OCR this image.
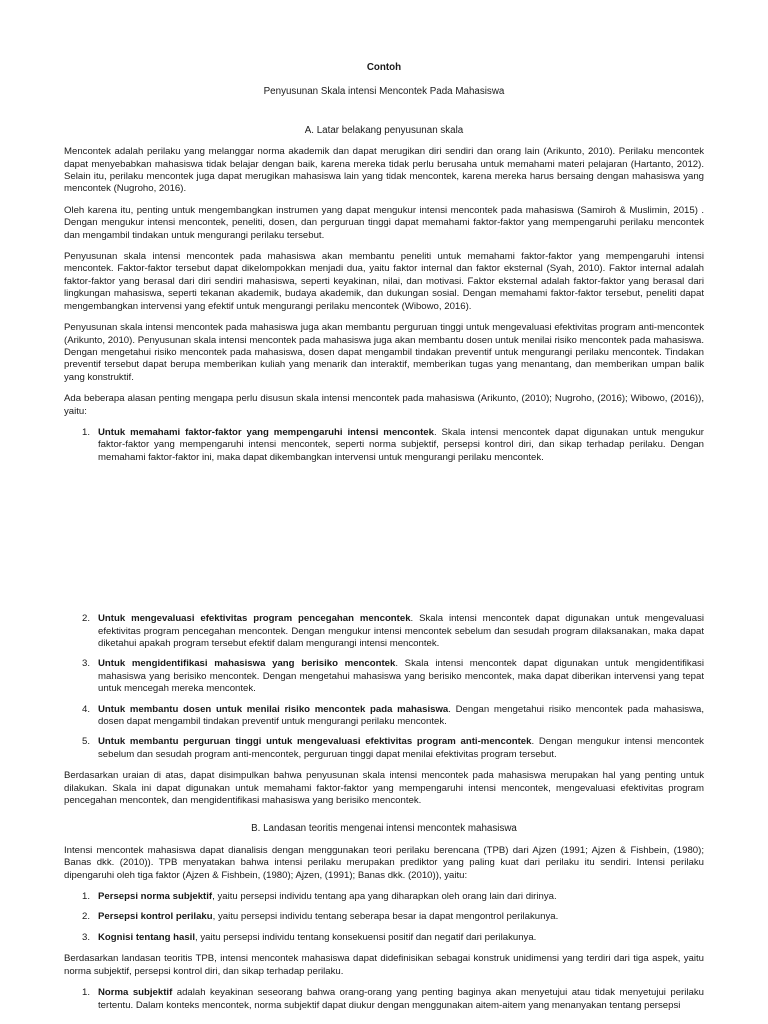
Contoh
Penyusunan Skala intensi Mencontek Pada Mahasiswa
A. Latar belakang penyusunan skala

Mencontek adalah perilaku yang melanggar norma akademik dan dapat merugikan diri sendiri dan orang lain (Arikunto, 2010). Perilaku mencontek dapat menyebabkan mahasiswa tidak belajar dengan baik, karena mereka tidak perlu berusaha untuk memahami materi pelajaran (Hartanto, 2012). Selain itu, perilaku mencontek juga dapat merugikan mahasiswa lain yang tidak mencontek, karena mereka harus bersaing dengan mahasiswa yang mencontek (Nugroho, 2016).

Oleh karena itu, penting untuk mengembangkan instrumen yang dapat mengukur intensi mencontek pada mahasiswa (Samiroh & Muslimin, 2015) . Dengan mengukur intensi mencontek, peneliti, dosen, dan perguruan tinggi dapat memahami faktor-faktor yang mempengaruhi perilaku mencontek dan mengambil tindakan untuk mengurangi perilaku tersebut.

Penyusunan skala intensi mencontek pada mahasiswa akan membantu peneliti untuk memahami faktor-faktor yang mempengaruhi intensi mencontek. Faktor-faktor tersebut dapat dikelompokkan menjadi dua, yaitu faktor internal dan faktor eksternal (Syah, 2010). Faktor internal adalah faktor-faktor yang berasal dari diri sendiri mahasiswa, seperti keyakinan, nilai, dan motivasi. Faktor eksternal adalah faktor-faktor yang berasal dari lingkungan mahasiswa, seperti tekanan akademik, budaya akademik, dan dukungan sosial. Dengan memahami faktor-faktor tersebut, peneliti dapat mengembangkan intervensi yang efektif untuk mengurangi perilaku mencontek (Wibowo, 2016).

Penyusunan skala intensi mencontek pada mahasiswa juga akan membantu perguruan tinggi untuk mengevaluasi efektivitas program anti-mencontek (Arikunto, 2010). Penyusunan skala intensi mencontek pada mahasiswa juga akan membantu dosen untuk menilai risiko mencontek pada mahasiswa. Dengan mengetahui risiko mencontek pada mahasiswa, dosen dapat mengambil tindakan preventif untuk mengurangi perilaku mencontek. Tindakan preventif tersebut dapat berupa memberikan kuliah yang menarik dan interaktif, memberikan tugas yang menantang, dan memberikan umpan balik yang konstruktif.

Ada beberapa alasan penting mengapa perlu disusun skala intensi mencontek pada mahasiswa (Arikunto, (2010); Nugroho, (2016); Wibowo, (2016)), yaitu:

1. Untuk memahami faktor-faktor yang mempengaruhi intensi mencontek. Skala intensi mencontek dapat digunakan untuk mengukur faktor-faktor yang mempengaruhi intensi mencontek, seperti norma subjektif, persepsi kontrol diri, dan sikap terhadap perilaku. Dengan memahami faktor-faktor ini, maka dapat dikembangkan intervensi untuk mengurangi perilaku mencontek.
2. Untuk mengevaluasi efektivitas program pencegahan mencontek. Skala intensi mencontek dapat digunakan untuk mengevaluasi efektivitas program pencegahan mencontek. Dengan mengukur intensi mencontek sebelum dan sesudah program dilaksanakan, maka dapat diketahui apakah program tersebut efektif dalam mengurangi intensi mencontek.
3. Untuk mengidentifikasi mahasiswa yang berisiko mencontek. Skala intensi mencontek dapat digunakan untuk mengidentifikasi mahasiswa yang berisiko mencontek. Dengan mengetahui mahasiswa yang berisiko mencontek, maka dapat diberikan intervensi yang tepat untuk mencegah mereka mencontek.
4. Untuk membantu dosen untuk menilai risiko mencontek pada mahasiswa. Dengan mengetahui risiko mencontek pada mahasiswa, dosen dapat mengambil tindakan preventif untuk mengurangi perilaku mencontek.
5. Untuk membantu perguruan tinggi untuk mengevaluasi efektivitas program anti-mencontek. Dengan mengukur intensi mencontek sebelum dan sesudah program anti-mencontek, perguruan tinggi dapat menilai efektivitas program tersebut.

Berdasarkan uraian di atas, dapat disimpulkan bahwa penyusunan skala intensi mencontek pada mahasiswa merupakan hal yang penting untuk dilakukan. Skala ini dapat digunakan untuk memahami faktor-faktor yang mempengaruhi intensi mencontek, mengevaluasi efektivitas program pencegahan mencontek, dan mengidentifikasi mahasiswa yang berisiko mencontek.

B. Landasan teoritis mengenai intensi mencontek mahasiswa

Intensi mencontek mahasiswa dapat dianalisis dengan menggunakan teori perilaku berencana (TPB) dari Ajzen (1991; Ajzen & Fishbein, (1980); Banas dkk. (2010)). TPB menyatakan bahwa intensi perilaku merupakan prediktor yang paling kuat dari perilaku itu sendiri. Intensi perilaku dipengaruhi oleh tiga faktor (Ajzen & Fishbein, (1980); Ajzen, (1991); Banas dkk. (2010)), yaitu:

1. Persepsi norma subjektif, yaitu persepsi individu tentang apa yang diharapkan oleh orang lain dari dirinya.
2. Persepsi kontrol perilaku, yaitu persepsi individu tentang seberapa besar ia dapat mengontrol perilakunya.
3. Kognisi tentang hasil, yaitu persepsi individu tentang konsekuensi positif dan negatif dari perilakunya.

Berdasarkan landasan teoritis TPB, intensi mencontek mahasiswa dapat didefinisikan sebagai konstruk unidimensi yang terdiri dari tiga aspek, yaitu norma subjektif, persepsi kontrol diri, dan sikap terhadap perilaku.

1. Norma subjektif adalah keyakinan seseorang bahwa orang-orang yang penting baginya akan menyetujui atau tidak menyetujui perilaku tertentu. Dalam konteks mencontek, norma subjektif dapat diukur dengan menggunakan aitem-aitem yang menanyakan tentang persepsi
